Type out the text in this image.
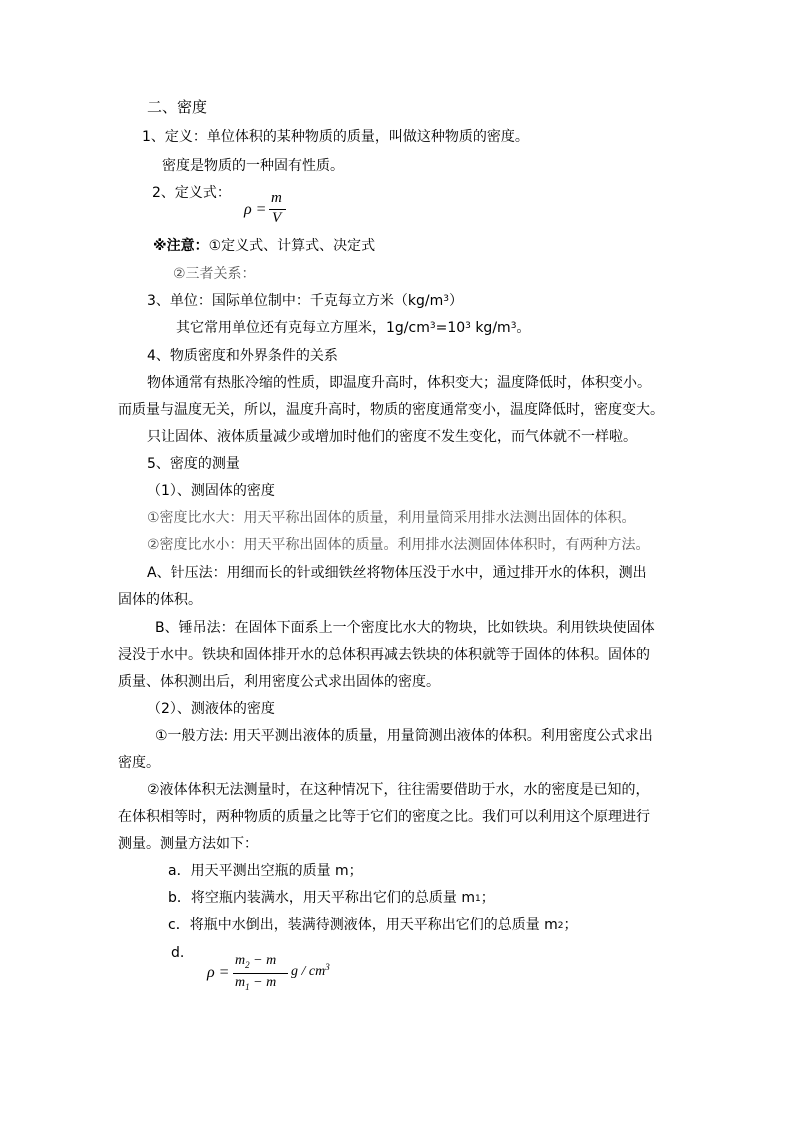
二、密度
1、定义：单位体积的某种物质的质量，叫做这种物质的密度。
密度是物质的一种固有性质。
2、定义式：
ρ =
m
V
※注意：①定义式、计算式、决定式
②三者关系：
3、单位：国际单位制中：千克每立方米$(kg/m^3)$
其它常用单位还有克每立方厘米，$1g/cm^3=10^3$ $kg/m^3$。
4、物质密度和外界条件的关系
物体通常有热胀冷缩的性质，即温度升高时，体积变大；温度降低时，体积变小。
而质量与温度无关，所以，温度升高时，物质的密度通常变小，温度降低时，密度变大。
只让固体、液体质量减少或增加时他们的密度不发生变化，而气体就不一样啦。
5、密度的测量
（1）、测固体的密度
①密度比水大：用天平称出固体的质量，利用量筒采用排水法测出固体的体积。
②密度比水小：用天平称出固体的质量。利用排水法测固体体积时，有两种方法。
A、针压法：用细而长的针或细铁丝将物体压没于水中，通过排开水的体积，测出
固体的体积。
B、锤吊法：在固体下面系上一个密度比水大的物块，比如铁块。利用铁块使固体
浸没于水中。铁块和固体排开水的总体积再减去铁块的体积就等于固体的体积。固体的
质量、体积测出后，利用密度公式求出固体的密度。
（2）、测液体的密度
①一般方法: 用天平测出液体的质量，用量筒测出液体的体积。利用密度公式求出
密度。
②液体体积无法测量时，在这种情况下，往往需要借助于水，水的密度是已知的，
在体积相等时，两种物质的质量之比等于它们的密度之比。我们可以利用这个原理进行
测量。测量方法如下：
a．用天平测出空瓶的质量 m；
b．将空瓶内装满水，用天平称出它们的总质量 $m_1$；
c．将瓶中水倒出，装满待测液体，用天平称出它们的总质量 $m_2$；
d.
ρ =
$m_2 - m$
$m_1 - m$
g / $cm^3$
